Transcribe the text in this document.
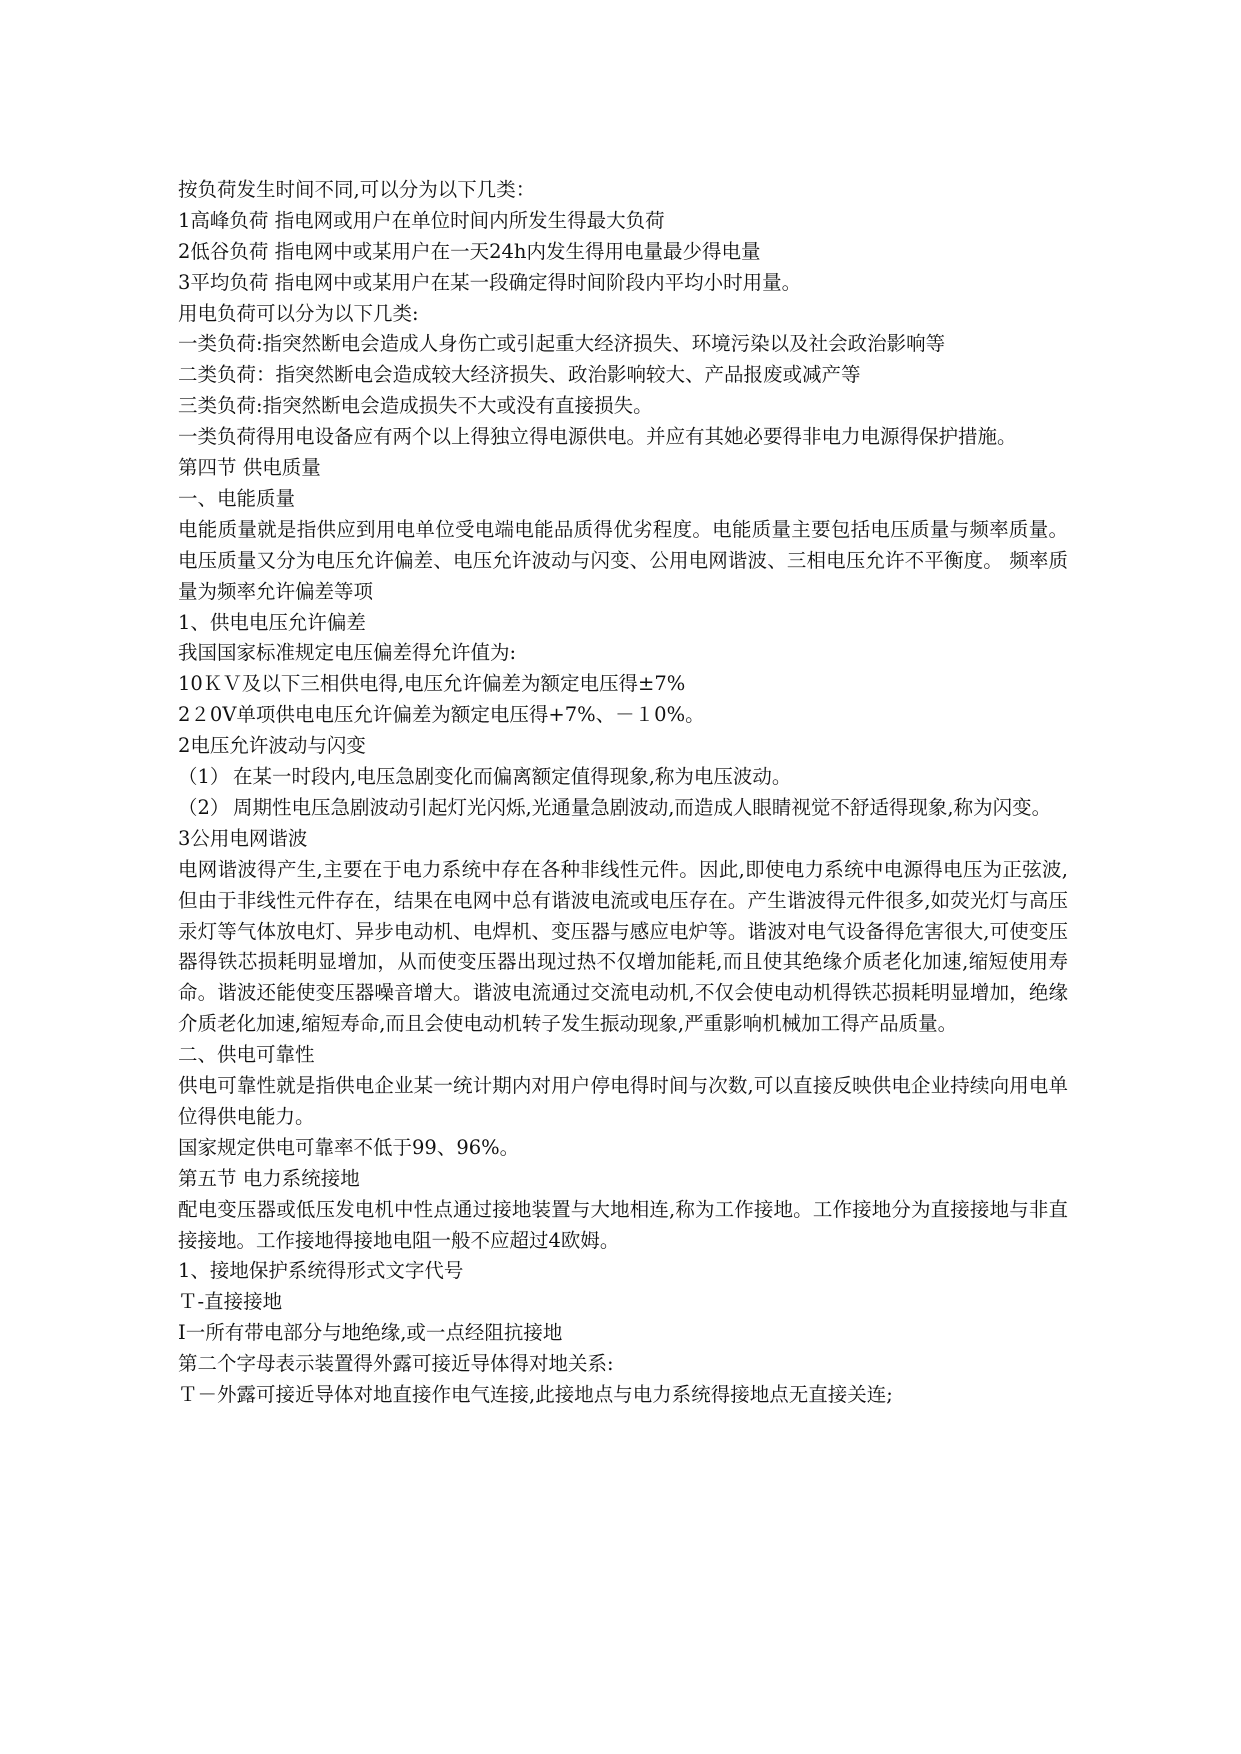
按负荷发生时间不同,可以分为以下几类：
1高峰负荷 指电网或用户在单位时间内所发生得最大负荷
2低谷负荷 指电网中或某用户在一天24h内发生得用电量最少得电量
3平均负荷 指电网中或某用户在某一段确定得时间阶段内平均小时用量。
用电负荷可以分为以下几类:
一类负荷:指突然断电会造成人身伤亡或引起重大经济损失、环境污染以及社会政治影响等
二类负荷：指突然断电会造成较大经济损失、政治影响较大、产品报废或减产等
三类负荷:指突然断电会造成损失不大或没有直接损失。
一类负荷得用电设备应有两个以上得独立得电源供电。并应有其她必要得非电力电源得保护措施。
第四节 供电质量
一、电能质量
电能质量就是指供应到用电单位受电端电能品质得优劣程度。电能质量主要包括电压质量与频率质量。电压质量又分为电压允许偏差、电压允许波动与闪变、公用电网谐波、三相电压允许不平衡度。 频率质量为频率允许偏差等项
1、供电电压允许偏差
我国国家标准规定电压偏差得允许值为:
10ＫＶ及以下三相供电得,电压允许偏差为额定电压得±7%
2２0V单项供电电压允许偏差为额定电压得+7%、－１0%。
2电压允许波动与闪变
（1） 在某一时段内,电压急剧变化而偏离额定值得现象,称为电压波动。
（2） 周期性电压急剧波动引起灯光闪烁,光通量急剧波动,而造成人眼睛视觉不舒适得现象,称为闪变。
3公用电网谐波
电网谐波得产生,主要在于电力系统中存在各种非线性元件。因此,即使电力系统中电源得电压为正弦波,但由于非线性元件存在，结果在电网中总有谐波电流或电压存在。产生谐波得元件很多,如荧光灯与高压汞灯等气体放电灯、异步电动机、电焊机、变压器与感应电炉等。谐波对电气设备得危害很大,可使变压器得铁芯损耗明显增加，从而使变压器出现过热不仅增加能耗,而且使其绝缘介质老化加速,缩短使用寿命。谐波还能使变压器噪音增大。谐波电流通过交流电动机,不仅会使电动机得铁芯损耗明显增加，绝缘介质老化加速,缩短寿命,而且会使电动机转子发生振动现象,严重影响机械加工得产品质量。
二、供电可靠性
供电可靠性就是指供电企业某一统计期内对用户停电得时间与次数,可以直接反映供电企业持续向用电单位得供电能力。
国家规定供电可靠率不低于99、96%。
第五节 电力系统接地
配电变压器或低压发电机中性点通过接地装置与大地相连,称为工作接地。工作接地分为直接接地与非直接接地。工作接地得接地电阻一般不应超过4欧姆。
1、接地保护系统得形式文字代号
Ｔ-直接接地
I一所有带电部分与地绝缘,或一点经阻抗接地
第二个字母表示装置得外露可接近导体得对地关系:
Ｔ－外露可接近导体对地直接作电气连接,此接地点与电力系统得接地点无直接关连;
